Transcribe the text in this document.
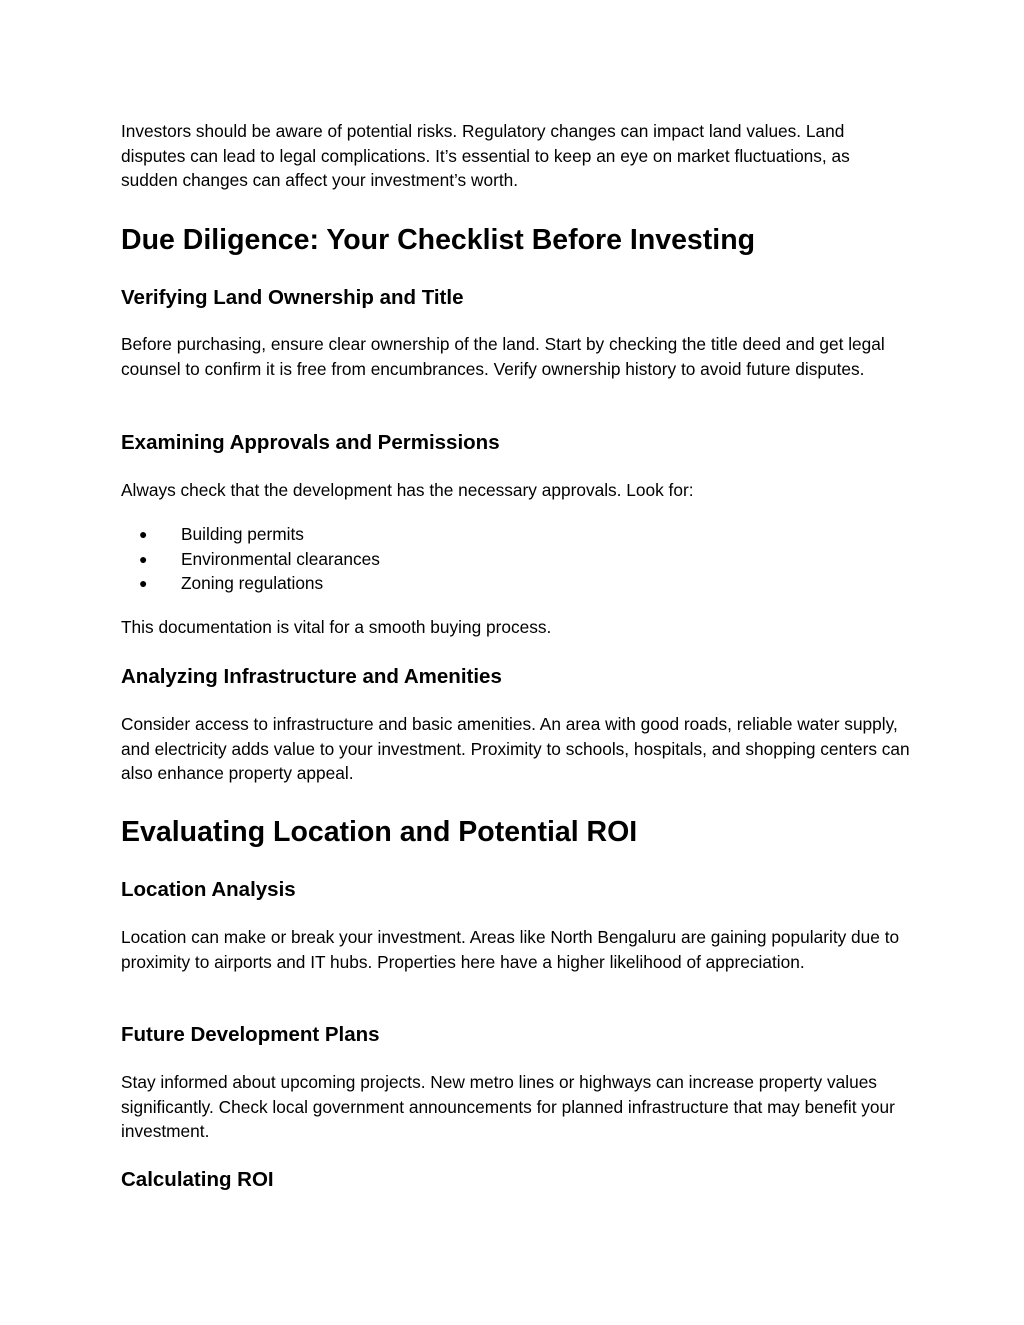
Investors should be aware of potential risks. Regulatory changes can impact land values. Land disputes can lead to legal complications. It’s essential to keep an eye on market fluctuations, as sudden changes can affect your investment’s worth.

Due Diligence: Your Checklist Before Investing
Verifying Land Ownership and Title

Before purchasing, ensure clear ownership of the land. Start by checking the title deed and get legal counsel to confirm it is free from encumbrances. Verify ownership history to avoid future disputes.

Examining Approvals and Permissions

Always check that the development has the necessary approvals. Look for:

● Building permits
● Environmental clearances
● Zoning regulations

This documentation is vital for a smooth buying process.

Analyzing Infrastructure and Amenities

Consider access to infrastructure and basic amenities. An area with good roads, reliable water supply, and electricity adds value to your investment. Proximity to schools, hospitals, and shopping centers can also enhance property appeal.

Evaluating Location and Potential ROI
Location Analysis

Location can make or break your investment. Areas like North Bengaluru are gaining popularity due to proximity to airports and IT hubs. Properties here have a higher likelihood of appreciation.

Future Development Plans

Stay informed about upcoming projects. New metro lines or highways can increase property values significantly. Check local government announcements for planned infrastructure that may benefit your investment.

Calculating ROI
